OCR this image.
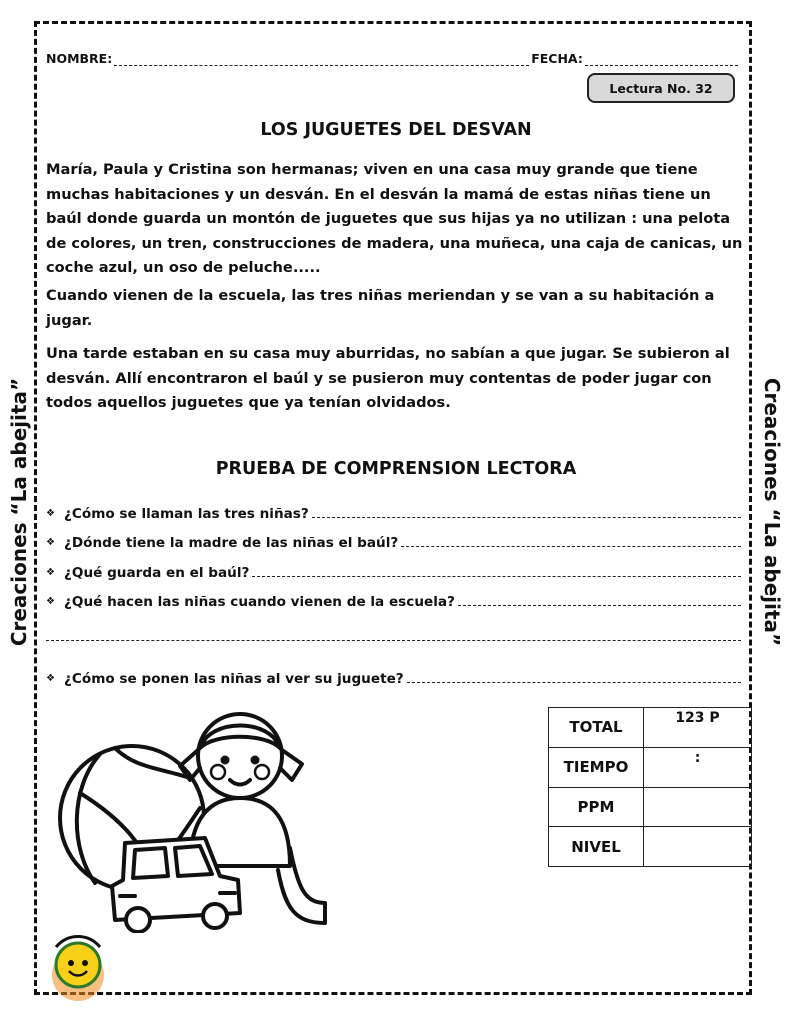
Creaciones “La abejita”	Creaciones “La abejita”
NOMBRE:	FECHA:
Lectura No. 32
LOS JUGUETES DEL DESVAN

María, Paula y Cristina son hermanas; viven en una casa muy grande que tiene muchas habitaciones y un desván. En el desván la mamá de estas niñas tiene un baúl donde guarda un montón de juguetes que sus hijas ya no utilizan : una pelota de colores, un tren, construcciones de madera, una muñeca, una caja de canicas, un coche azul, un oso de peluche.....

Cuando vienen de la escuela, las tres niñas meriendan y se van a su habitación a jugar.

Una tarde estaban en su casa muy aburridas, no sabían a que jugar. Se subieron al desván. Allí encontraron el baúl y se pusieron muy contentas de poder jugar con todos aquellos juguetes que ya tenían olvidados.

PRUEBA DE COMPRENSION LECTORA
❖ ¿Cómo se llaman las tres niñas?
❖ ¿Dónde tiene la madre de las niñas el baúl?
❖ ¿Qué guarda en el baúl?
❖ ¿Qué hacen las niñas cuando vienen de la escuela?
❖ ¿Cómo se ponen las niñas al ver su juguete?
TOTAL	123 P
TIEMPO	:
PPM	
NIVEL	
